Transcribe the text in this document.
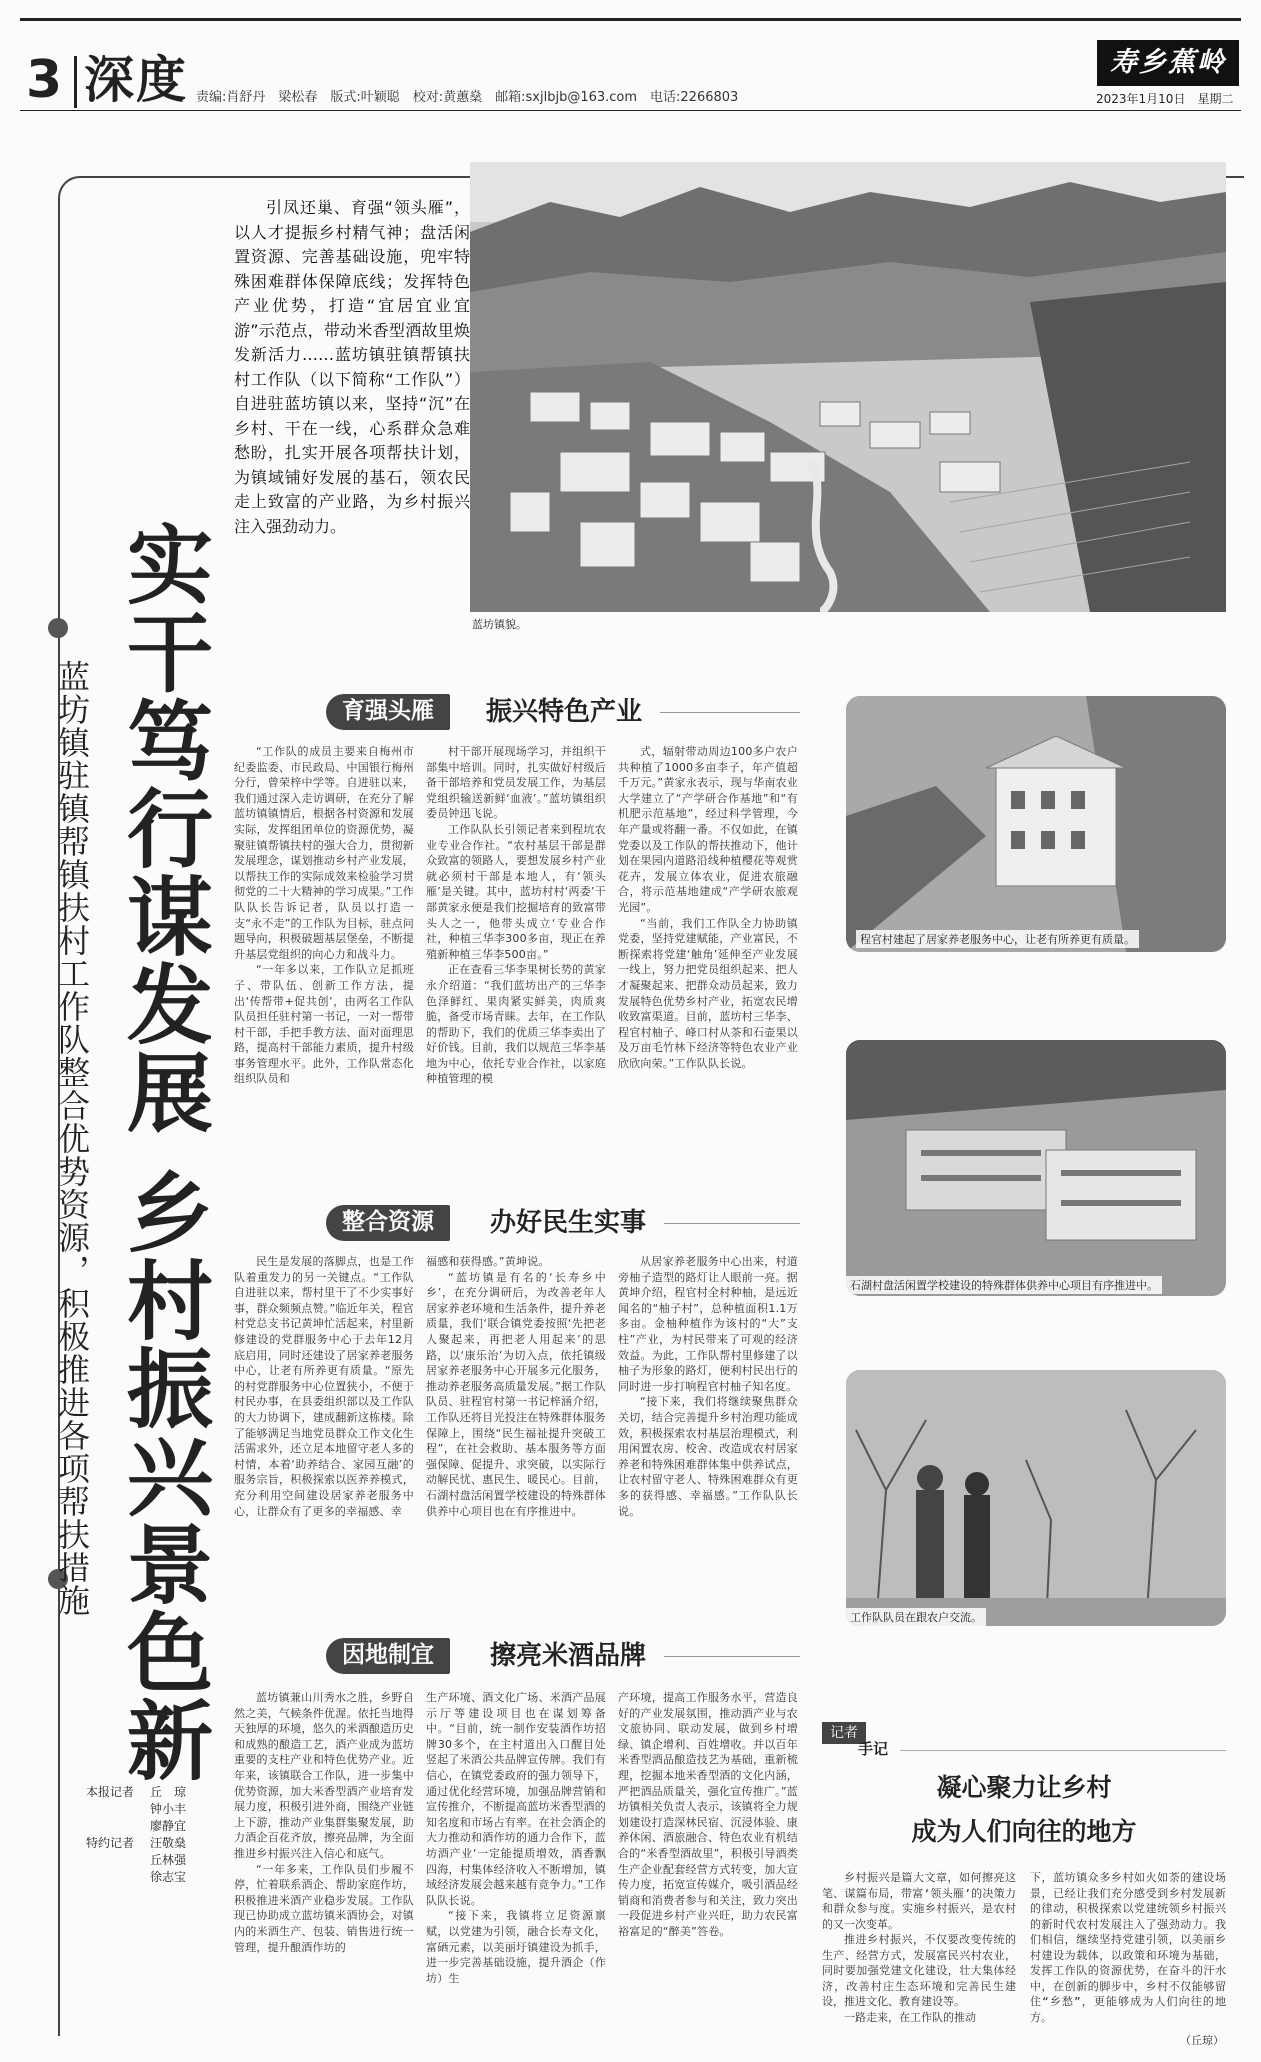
3 深度 责编:肖舒丹　梁松春　版式:叶颖聪　校对:黄蕙燊　邮箱:sxjlbjb@163.com　电话:2266803
寿乡蕉岭
2023年1月10日　星期二
实干笃行谋发展 乡村振兴景色新
蓝坊镇驻镇帮镇扶村工作队整合优势资源，积极推进各项帮扶措施

引凤还巢、育强“领头雁”，以人才提振乡村精气神；盘活闲置资源、完善基础设施，兜牢特殊困难群体保障底线；发挥特色产业优势，打造“宜居宜业宜游”示范点，带动米香型酒故里焕发新活力……蓝坊镇驻镇帮镇扶村工作队（以下简称“工作队”）自进驻蓝坊镇以来，坚持“沉”在乡村、干在一线，心系群众急难愁盼，扎实开展各项帮扶计划，为镇域铺好发展的基石，领农民走上致富的产业路，为乡村振兴注入强劲动力。

蓝坊镇貌。
育强头雁	振兴特色产业

“工作队的成员主要来自梅州市纪委监委、市民政局、中国银行梅州分行，曾荣梓中学等。自进驻以来，我们通过深入走访调研，在充分了解蓝坊镇镇情后，根据各村资源和发展实际，发挥组团单位的资源优势，凝聚驻镇帮镇扶村的强大合力，贯彻新发展理念，谋划推动乡村产业发展，以帮扶工作的实际成效来检验学习贯彻党的二十大精神的学习成果。”工作队队长告诉记者，队员以打造一支“永不走”的工作队为目标，驻点问题导向，积极破题基层堡垒，不断提升基层党组织的向心力和战斗力。

“一年多以来，工作队立足抓班子、带队伍、创新工作方法，提出‘传帮带+促共创’，由两名工作队队员担任驻村第一书记，一对一帮带村干部，手把手教方法、面对面理思路，提高村干部能力素质，提升村级事务管理水平。此外，工作队常态化组织队员和

村干部开展现场学习，并组织干部集中培训。同时，扎实做好村级后备干部培养和党员发展工作，为基层党组织输送新鲜‘血液’。”蓝坊镇组织委员钟迅飞说。

工作队队长引领记者来到程坑农业专业合作社。“农村基层干部是群众致富的领路人，要想发展乡村产业就必须村干部是本地人，有‘领头雁’是关键。其中，蓝坊村村‘两委’干部黄家永便是我们挖掘培育的致富带头人之一，他带头成立‘专业合作社，种植三华李300多亩，现正在养殖新种植三华李500亩。”

正在查看三华李果树长势的黄家永介绍道：“我们蓝坊出产的三华李色泽鲜红、果肉紧实鲜美，肉质爽脆，备受市场青睐。去年，在工作队的帮助下，我们的优质三华李卖出了好价钱。目前，我们以规范三华李基地为中心，依托专业合作社，以家庭种植管理的模

式，辐射带动周边100多户农户共种植了1000多亩李子，年产值超千万元。”黄家永表示，现与华南农业大学建立了“产学研合作基地”和“有机肥示范基地”，经过科学管理，今年产量或将翻一番。不仅如此，在镇党委以及工作队的帮扶推动下，他计划在果园内道路沿线种植樱花等观赏花卉，发展立体农业，促进农旅融合，将示范基地建成“产学研农旅观光园”。

“当前，我们工作队全力协助镇党委，坚持党建赋能，产业富民，不断探索将党建‘触角’延伸至产业发展一线上，努力把党员组织起来、把人才凝聚起来、把群众动员起来，致力发展特色优势乡村产业，拓宽农民增收致富渠道。目前，蓝坊村三华李、程官村柚子、峰口村从茶和石壶果以及万亩毛竹林下经济等特色农业产业欣欣向荣。”工作队队长说。

整合资源	办好民生实事

民生是发展的落脚点，也是工作队着重发力的另一关键点。“工作队自进驻以来，帮村里干了不少实事好事，群众频频点赞。”临近年关，程官村党总支书记黄坤忙活起来，村里新修建设的党群服务中心于去年12月底启用，同时还建设了居家养老服务中心，让老有所养更有质量。“原先的村党群服务中心位置狭小，不便于村民办事，在县委组织部以及工作队的大力协调下，建成翻新这栋楼。除了能够满足当地党员群众工作文化生活需求外，还立足本地留守老人多的村情，本着‘助养结合、家园互融’的服务宗旨，积极探索以医养养模式，充分利用空间建设居家养老服务中心，让群众有了更多的幸福感、幸

福感和获得感。”黄坤说。

“蓝坊镇是有名的‘长寿乡中乡’，在充分调研后，为改善老年人居家养老环境和生活条件，提升养老质量，我们‘联合镇党委按照‘先把老人聚起来，再把老人用起来’的思路，以‘康乐治’为切入点，依托镇级居家养老服务中心开展多元化服务，推动养老服务高质量发展。”据工作队队员、驻程官村第一书记梓涵介绍，工作队还将目光投注在特殊群体服务保障上，围绕“民生福祉提升突破工程”，在社会救助、基本服务等方面强保障、促提升、求突破，以实际行动解民忧、惠民生、暖民心。目前，石湖村盘活闲置学校建设的特殊群体供养中心项目也在有序推进中。

从居家养老服务中心出来，村道旁柚子造型的路灯让人眼前一亮。据黄坤介绍，程官村全村种柚，是远近闻名的“柚子村”，总种植面积1.1万多亩。金柚种植作为该村的“大”支柱”产业，为村民带来了可观的经济效益。为此，工作队帮村里修建了以柚子为形象的路灯，便利村民出行的同时进一步打响程官村柚子知名度。

“接下来，我们将继续聚焦群众关切，结合完善提升乡村治理功能成效，积极探索农村基层治理模式，利用闲置农房、校舍、改造成农村居家养老和特殊困难群体集中供养试点，让农村留守老人、特殊困难群众有更多的获得感、幸福感。”工作队队长说。

因地制宜	擦亮米酒品牌
本报记者 丘　琼
钟小丰
廖静宜
特约记者 汪敬燊
丘林强
徐志宝

蓝坊镇兼山川秀水之胜，乡野自然之美，气候条件优渥。依托当地得天独厚的环境，悠久的米酒酿造历史和成熟的酿造工艺，酒产业成为蓝坊重要的支柱产业和特色优势产业。近年来，该镇联合工作队，进一步集中优势资源，加大米香型酒产业培育发展力度，积极引进外商，围绕产业链上下游，推动产业集群集聚发展，助力酒企百花齐放，擦亮品牌，为全面推进乡村振兴注入信心和底气。

“一年多来，工作队员们步履不停，忙着联系酒企、帮助家庭作坊，积极推进米酒产业稳步发展。工作队现已协助成立蓝坊镇米酒协会，对镇内的米酒生产、包装、销售进行统一管理，提升酿酒作坊的

生产环境、酒文化广场、米酒产品展示厅等建设项目也在谋划筹备中。“目前，统一制作安装酒作坊招牌30多个，在主村道出入口醒目处竖起了米酒公共品牌宣传牌。我们有信心，在镇党委政府的强力领导下，通过优化经营环境，加强品牌营销和宣传推介，不断提高蓝坊米香型酒的知名度和市场占有率。在社会酒企的大力推动和酒作坊的通力合作下，蓝坊酒产业‘一定能提质增效，酒香飘四海，村集体经济收入不断增加，镇域经济发展会越来越有竞争力。”工作队队长说。

“接下来，我镇将立足资源禀赋，以党建为引领，融合长寿文化，富硒元素，以美丽圩镇建设为抓手，进一步完善基础设施，提升酒企（作坊）生

产环境，提高工作服务水平，营造良好的产业发展氛围，推动酒产业与农文旅协同、联动发展，做到乡村增绿、镇企增利、百姓增收。并以百年米香型酒品酿造技艺为基础，重新梳理，挖掘本地米香型酒的文化内涵，严把酒品质量关，强化宣传推广。”蓝坊镇相关负责人表示，该镇将全力规划建设打造深林民宿、沉浸体验、康养休闲、酒旅融合、特色农业有机结合的“米香型酒故里”，积极引导酒类生产企业配套经营方式转变，加大宣传力度，拓宽宣传媒介，吸引酒品经销商和消费者参与和关注，致力突出一段促进乡村产业兴旺，助力农民富裕富足的“醉美”答卷。

程官村建起了居家养老服务中心，让老有所养更有质量。
石湖村盘活闲置学校建设的特殊群体供养中心项目有序推进中。
工作队队员在跟农户交流。
记者
手记
凝心聚力让乡村
成为人们向往的地方

乡村振兴是篇大文章，如何擦亮这笔、谋篇布局，带富‘领头雁’的决策力和群众参与度。实施乡村振兴，是农村的又一次变革。

推进乡村振兴，不仅要改变传统的生产、经营方式，发展富民兴村农业，同时要加强党建文化建设，壮大集体经济，改善村庄生态环境和完善民生建设，推进文化、教育建设等。

一路走来，在工作队的推动

下，蓝坊镇众多乡村如火如荼的建设场景，已经让我们充分感受到乡村发展新的律动，积极探索以党建统领乡村振兴的新时代农村发展注入了强劲动力。我们相信，继续坚持党建引领，以美丽乡村建设为载体，以政策和环境为基础，发挥工作队的资源优势，在奋斗的汗水中，在创新的脚步中，乡村不仅能够留住“乡愁”，更能够成为人们向往的地方。

（丘琼）
